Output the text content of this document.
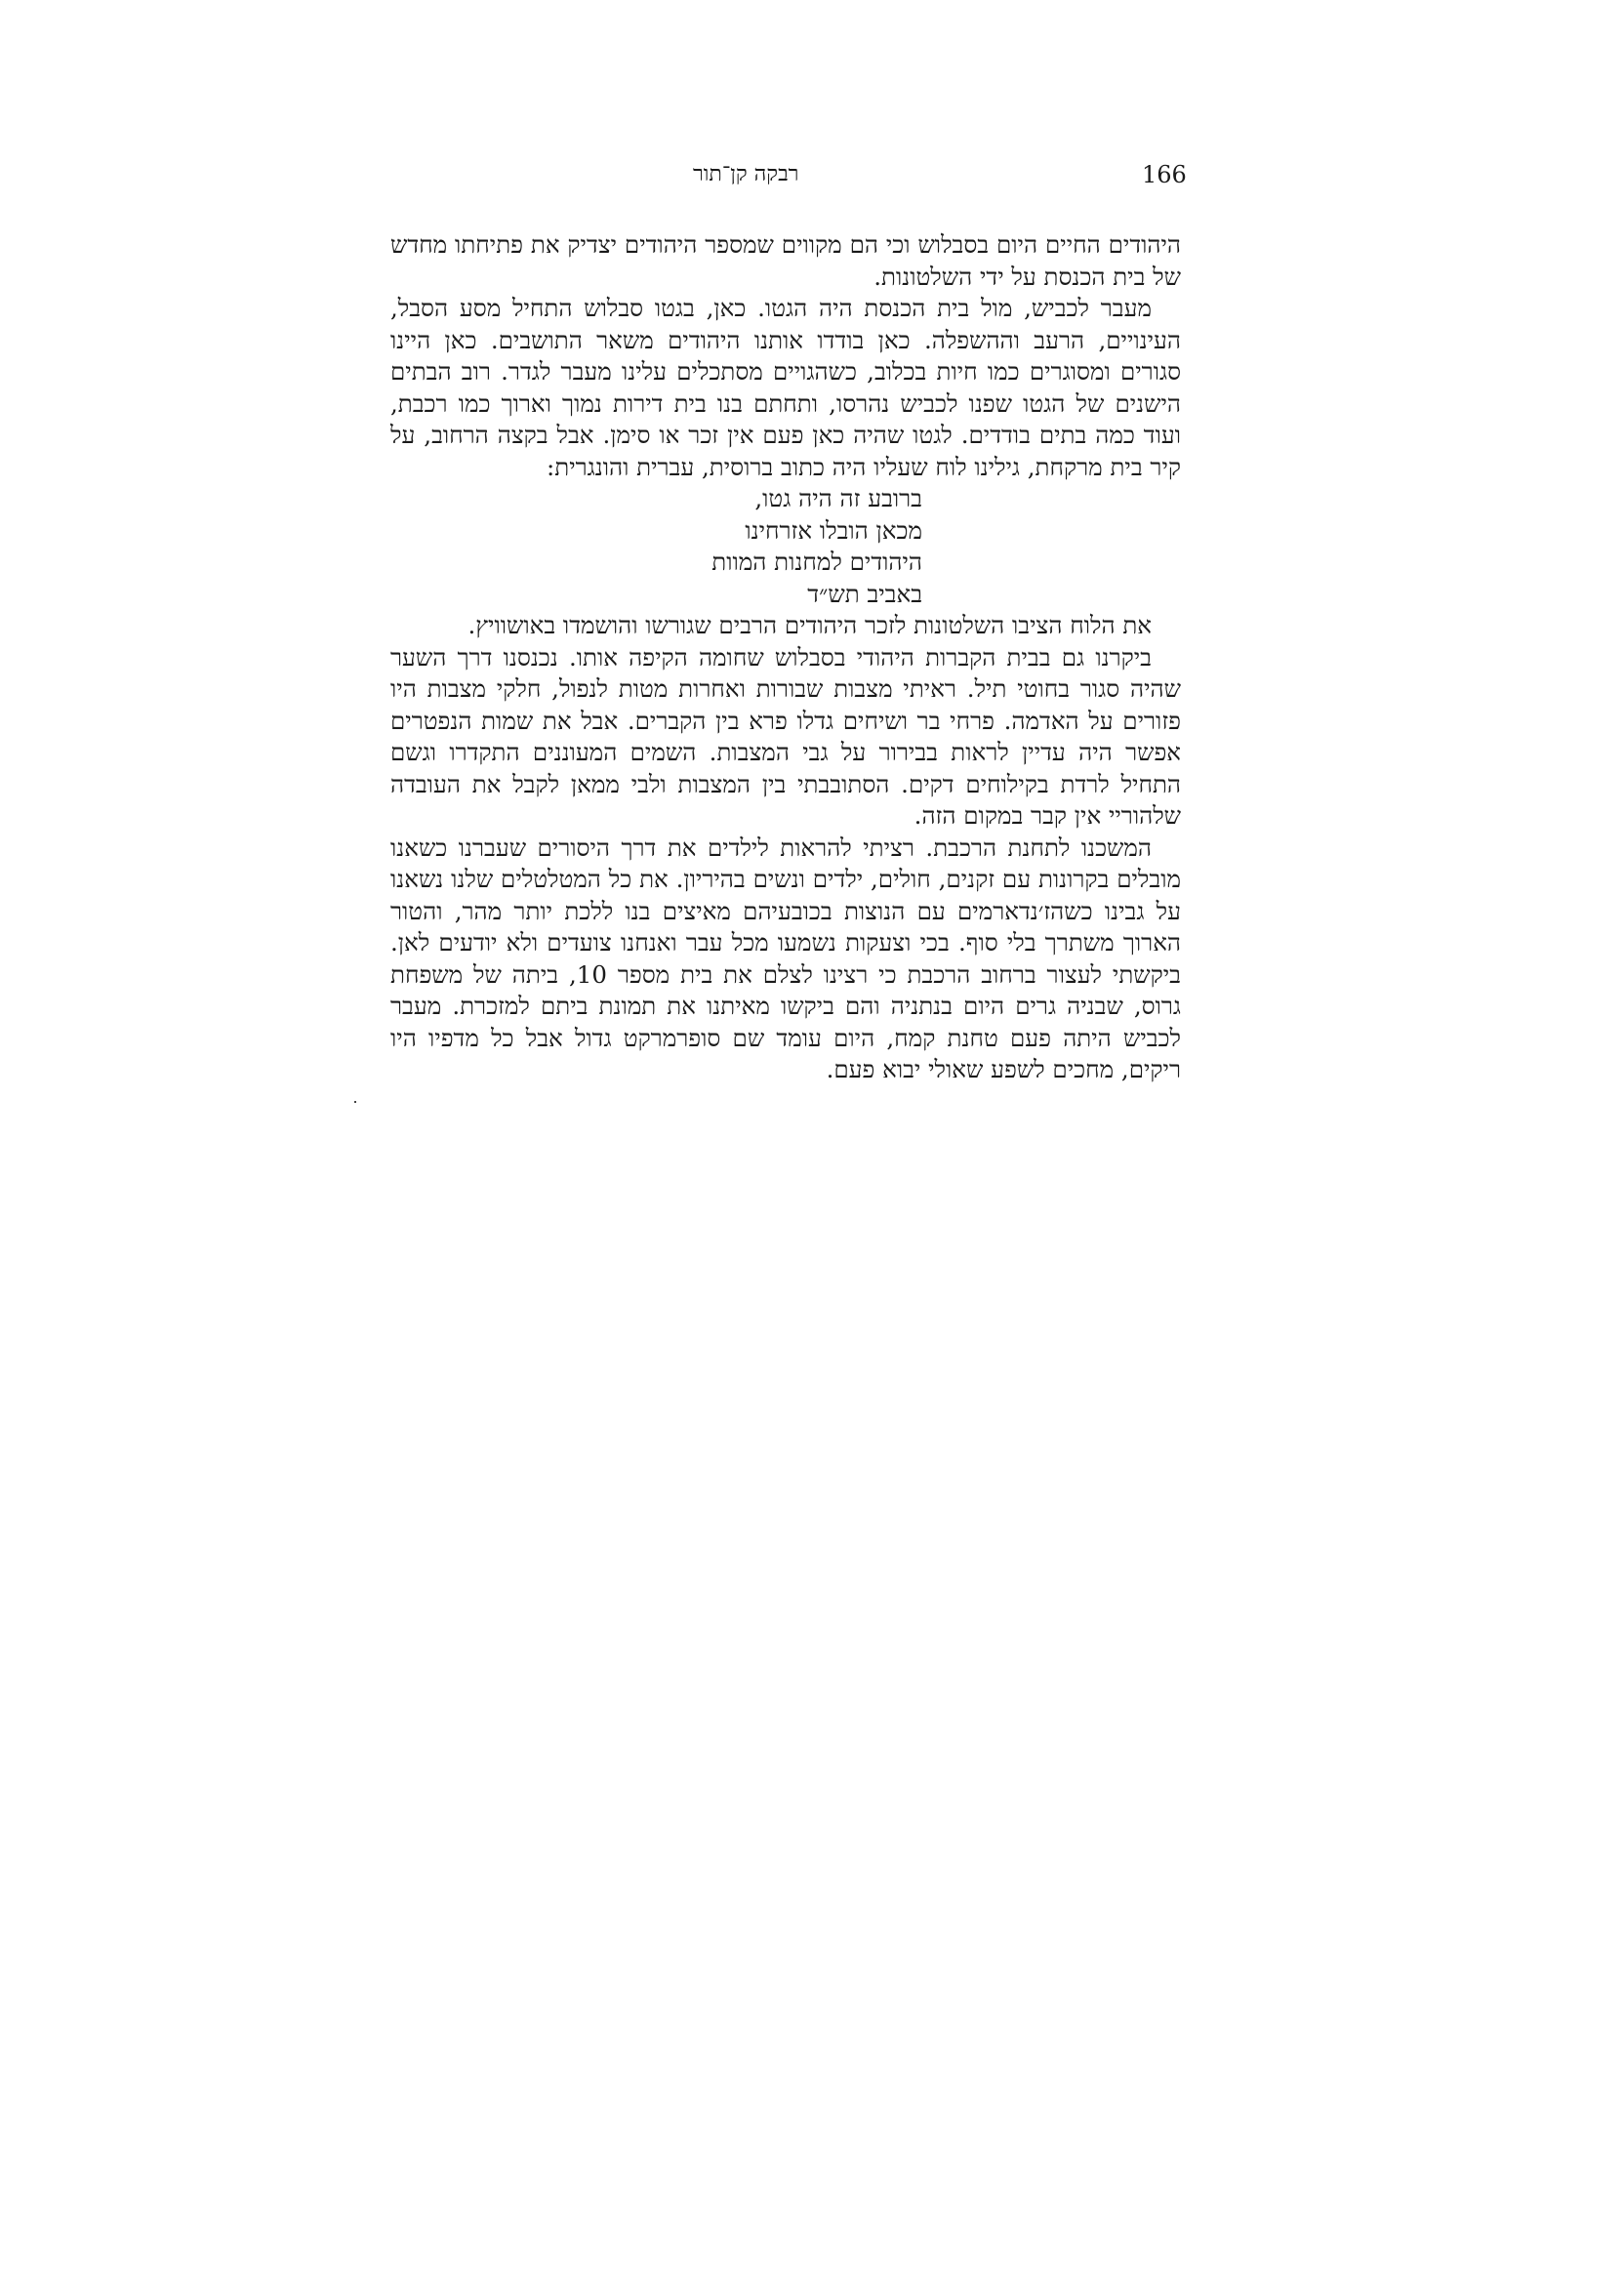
רבקה קן־תור	166

היהודים החיים היום בסבלוש וכי הם מקווים שמספר היהודים יצדיק את פתיחתו מחדש של בית הכנסת על ידי השלטונות.

מעבר לכביש, מול בית הכנסת היה הגטו. כאן, בגטו סבלוש התחיל מסע הסבל, העינויים, הרעב וההשפלה. כאן בודדו אותנו היהודים משאר התושבים. כאן היינו סגורים ומסוגרים כמו חיות בכלוב, כשהגויים מסתכלים עלינו מעבר לגדר. רוב הבתים הישנים של הגטו שפנו לכביש נהרסו, ותחתם בנו בית דירות נמוך וארוך כמו רכבת, ועוד כמה בתים בודדים. לגטו שהיה כאן פעם אין זכר או סימן. אבל בקצה הרחוב, על קיר בית מרקחת, גילינו לוח שעליו היה כתוב ברוסית, עברית והונגרית:

ברובע זה היה גטו,
מכאן הובלו אזרחינו
היהודים למחנות המוות
באביב תש״ד

את הלוח הציבו השלטונות לזכר היהודים הרבים שגורשו והושמדו באושוויץ.

ביקרנו גם בבית הקברות היהודי בסבלוש שחומה הקיפה אותו. נכנסנו דרך השער שהיה סגור בחוטי תיל. ראיתי מצבות שבורות ואחרות מטות לנפול, חלקי מצבות היו פזורים על האדמה. פרחי בר ושיחים גדלו פרא בין הקברים. אבל את שמות הנפטרים אפשר היה עדיין לראות בבירור על גבי המצבות. השמים המעוננים התקדרו וגשם התחיל לרדת בקילוחים דקים. הסתובבתי בין המצבות ולבי ממאן לקבל את העובדה שלהוריי אין קבר במקום הזה.

המשכנו לתחנת הרכבת. רציתי להראות לילדים את דרך היסורים שעברנו כשאנו מובלים בקרונות עם זקנים, חולים, ילדים ונשים בהיריון. את כל המטלטלים שלנו נשאנו על גבינו כשהז׳נדארמים עם הנוצות בכובעיהם מאיצים בנו ללכת יותר מהר, והטור הארוך משתרך בלי סוף. בכי וצעקות נשמעו מכל עבר ואנחנו צועדים ולא יודעים לאן. ביקשתי לעצור ברחוב הרכבת כי רצינו לצלם את בית מספר 10, ביתה של משפחת גרוס, שבניה גרים היום בנתניה והם ביקשו מאיתנו את תמונת ביתם למזכרת. מעבר לכביש היתה פעם טחנת קמח, היום עומד שם סופרמרקט גדול אבל כל מדפיו היו ריקים, מחכים לשפע שאולי יבוא פעם.
